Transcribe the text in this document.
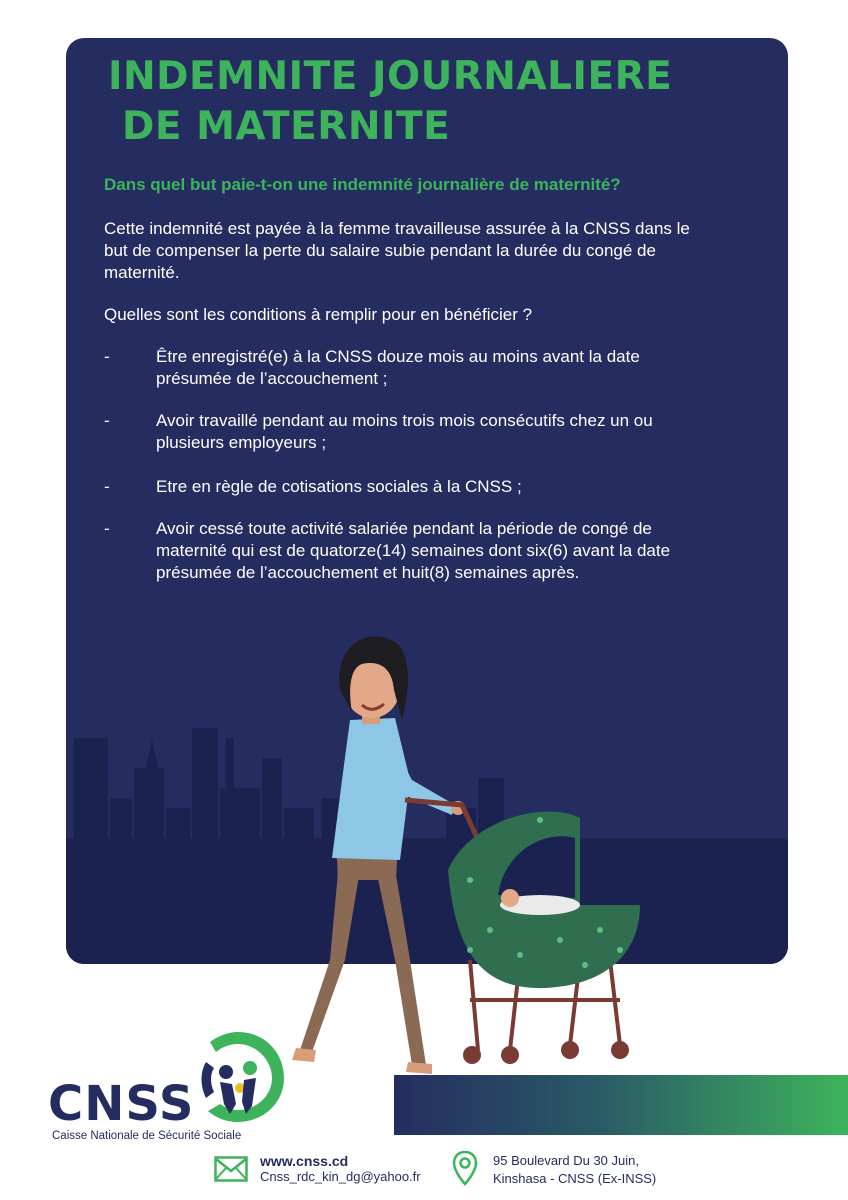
INDEMNITE JOURNALIERE
DE MATERNITE

Dans quel but paie-t-on une indemnité journalière de maternité?

Cette indemnité est payée à la femme travailleuse assurée à la CNSS dans le but de compenser la perte du salaire subie pendant la durée du congé de maternité.

Quelles sont les conditions à remplir pour en bénéficier ?

-	Être enregistré(e) à la CNSS douze mois au moins avant la date présumée de l’accouchement ;
-	Avoir travaillé pendant au moins trois mois consécutifs chez un ou plusieurs employeurs ;
-	Etre en règle de cotisations sociales à la CNSS ;
-	Avoir cessé toute activité salariée pendant la période de congé de maternité qui est de quatorze(14) semaines dont six(6) avant la date présumée de l’accouchement et huit(8) semaines après.

CNSS

Caisse Nationale de Sécurité Sociale
www.cnss.cd
Cnss_rdc_kin_dg@yahoo.fr
95 Boulevard Du 30 Juin,
Kinshasa - CNSS (Ex-INSS)
